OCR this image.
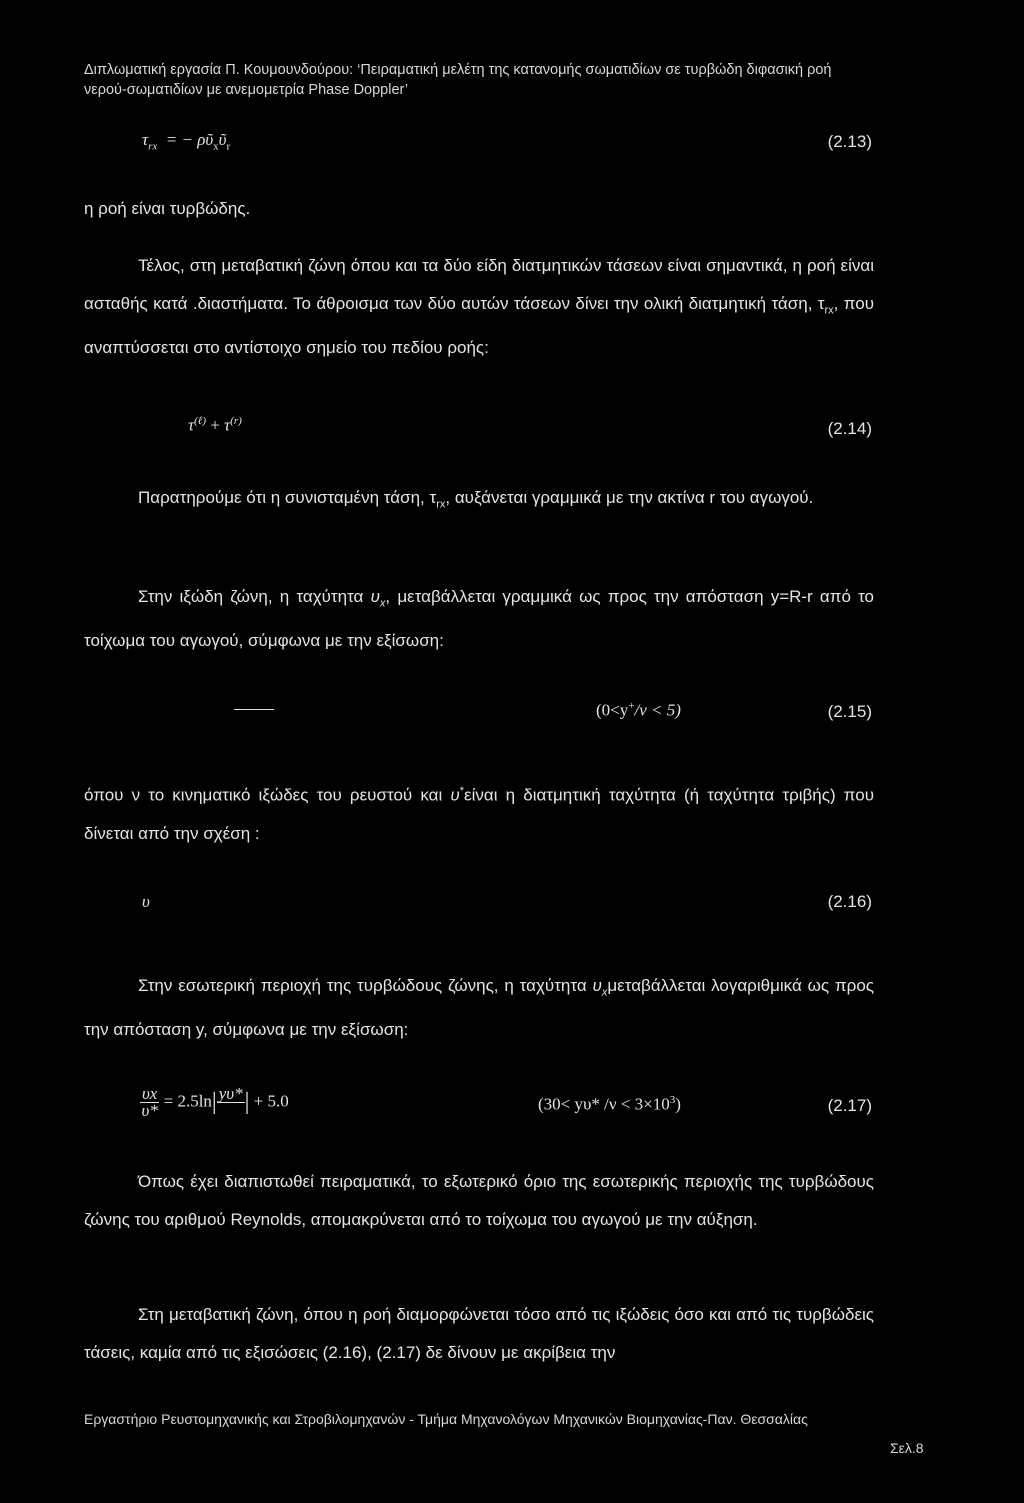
Διπλωματική εργασία Π. Κουμουνδούρου: ‘Πειραματική μελέτη της κατανομής σωματιδίων σε τυρβώδη διφασική ροή
νερού-σωματιδίων με ανεμομετρία Phase Doppler’
$\tau_{rx}$ = − ρῦ$_x$ῦ$_r$	(2.13)
η ροή είναι τυρβώδης.
Τέλος, στη μεταβατική ζώνη όπου και τα δύο είδη διατμητικών τάσεων είναι σημαντικά, η ροή είναι ασταθής κατά .διαστήματα. Το άθροισμα των δύο αυτών τάσεων δίνει την ολική διατμητική τάση, $\tau_{rx}$, που αναπτύσσεται στο αντίστοιχο σημείο του πεδίου ροής:
$\tau^{(\ell)} + \tau^{(r)}$	(2.14)
Παρατηρούμε ότι η συνισταμένη τάση, $\tau_{rx}$, αυξάνεται γραμμικά με την ακτίνα r του αγωγού.
Στην ιξώδη ζώνη, η ταχύτητα $\upsilon_x$, μεταβάλλεται γραμμικά ως προς την απόσταση y=R-r από το τοίχωμα του αγωγού, σύμφωνα με την εξίσωση:
(0<y+/ν < 5)	(2.15)
όπου ν το κινηματικό ιξώδες του ρευστού και υ*είναι η διατμητική ταχύτητα (ή ταχύτητα τριβής) που δίνεται από την σχέση :
υ	(2.16)
Στην εσωτερική περιοχή της τυρβώδους ζώνης, η ταχύτητα $\upsilon_x\mu\varepsilon\tau\alpha\beta ά\lambda\lambda\varepsilon\tau\alpha\iota$ λογαριθμικά ως προς την απόσταση y, σύμφωνα με την εξίσωση:
$\frac{\upsilon x}{\upsilon*} = 2.5\ln|$ yυ*
| + 5.0	(30< yυ* $/\nu < 3\times 10^3$)	(2.17)
Όπως έχει διαπιστωθεί πειραματικά, το εξωτερικό όριο της εσωτερικής περιοχής της τυρβώδους ζώνης του αριθμού Reynolds, απομακρύνεται από το τοίχωμα του αγωγού με την αύξηση.
Στη μεταβατική ζώνη, όπου η ροή διαμορφώνεται τόσο από τις ιξώδεις όσο και από τις τυρβώδεις τάσεις, καμία από τις εξισώσεις (2.16), (2.17) δε δίνουν με ακρίβεια την
Εργαστήριο Ρευστομηχανικής και Στροβιλομηχανών - Τμήμα Μηχανολόγων Μηχανικών Βιομηχανίας-Παν. Θεσσαλίας
Σελ.8
